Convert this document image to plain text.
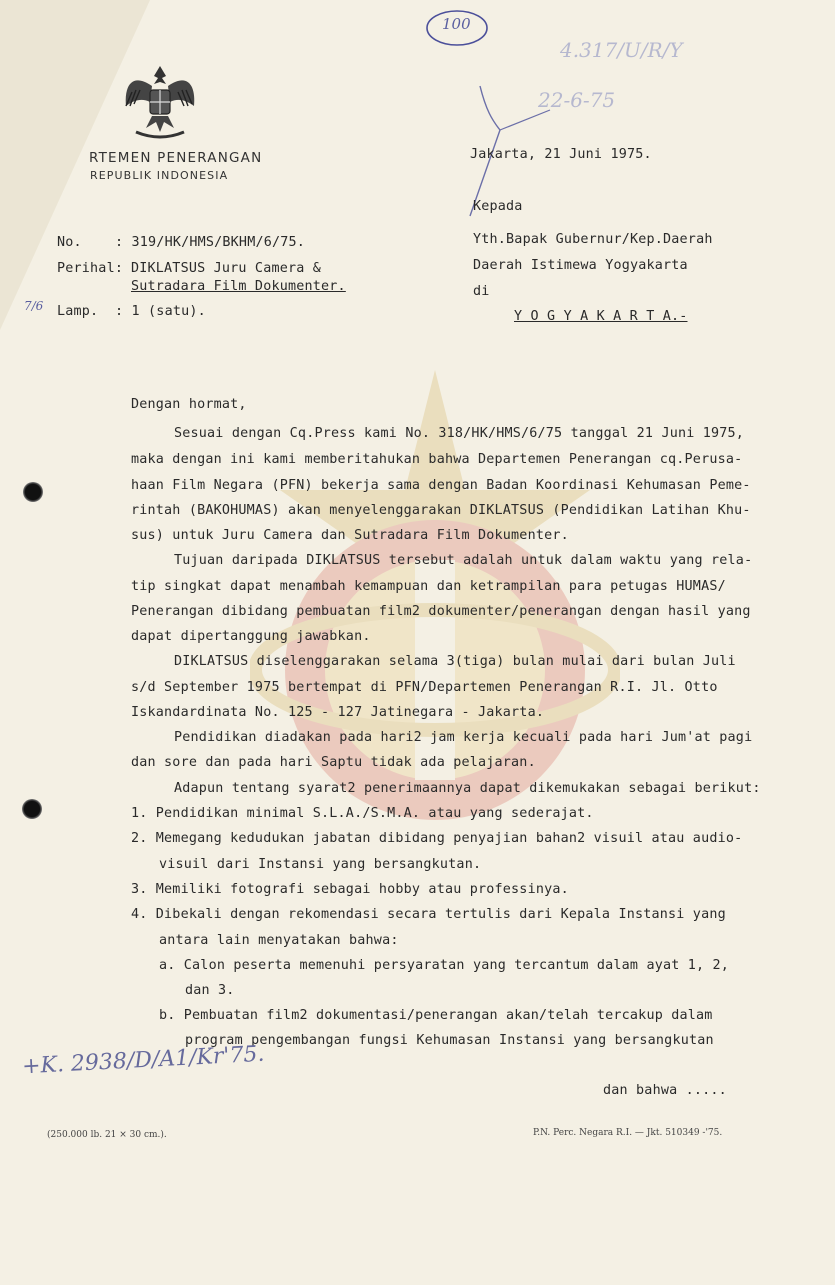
RTEMEN PENERANGAN
REPUBLIK INDONESIA
100
4.317/U/R/Y
22-6-75
Jakarta, 21 Juni 1975.
Kepada
Yth.Bapak Gubernur/Kep.Daerah
Daerah Istimewa Yogyakarta
di
Y O G Y A K A R T A.-
No. : 319/HK/HMS/BKHM/6/75.
Perihal: DIKLATSUS Juru Camera &
Sutradara Film Dokumenter.
7/6 Lamp. : 1 (satu).
Dengan hormat,
Sesuai dengan Cq.Press kami No. 318/HK/HMS/6/75 tanggal 21 Juni 1975,
maka dengan ini kami memberitahukan bahwa Departemen Penerangan cq.Perusa-
haan Film Negara (PFN) bekerja sama dengan Badan Koordinasi Kehumasan Peme-
rintah (BAKOHUMAS) akan menyelenggarakan DIKLATSUS (Pendidikan Latihan Khu-
sus) untuk Juru Camera dan Sutradara Film Dokumenter.
Tujuan daripada DIKLATSUS tersebut adalah untuk dalam waktu yang rela-
tip singkat dapat menambah kemampuan dan ketrampilan para petugas HUMAS/
Penerangan dibidang pembuatan film2 dokumenter/penerangan dengan hasil yang
dapat dipertanggung jawabkan.
DIKLATSUS diselenggarakan selama 3(tiga) bulan mulai dari bulan Juli
s/d September 1975 bertempat di PFN/Departemen Penerangan R.I. Jl. Otto
Iskandardinata No. 125 - 127 Jatinegara - Jakarta.
Pendidikan diadakan pada hari2 jam kerja kecuali pada hari Jum'at pagi
dan sore dan pada hari Saptu tidak ada pelajaran.
Adapun tentang syarat2 penerimaannya dapat dikemukakan sebagai berikut:
1. Pendidikan minimal S.L.A./S.M.A. atau yang sederajat.
2. Memegang kedudukan jabatan dibidang penyajian bahan2 visuil atau audio-
visuil dari Instansi yang bersangkutan.
3. Memiliki fotografi sebagai hobby atau professinya.
4. Dibekali dengan rekomendasi secara tertulis dari Kepala Instansi yang
antara lain menyatakan bahwa:
a. Calon peserta memenuhi persyaratan yang tercantum dalam ayat 1, 2,
dan 3.
b. Pembuatan film2 dokumentasi/penerangan akan/telah tercakup dalam
program pengembangan fungsi Kehumasan Instansi yang bersangkutan
dan bahwa .....
+K. 2938/D/A1/Kr'75.
(250.000 lb. 21 × 30 cm.).	P.N. Perc. Negara R.I. — Jkt. 510349 -'75.
